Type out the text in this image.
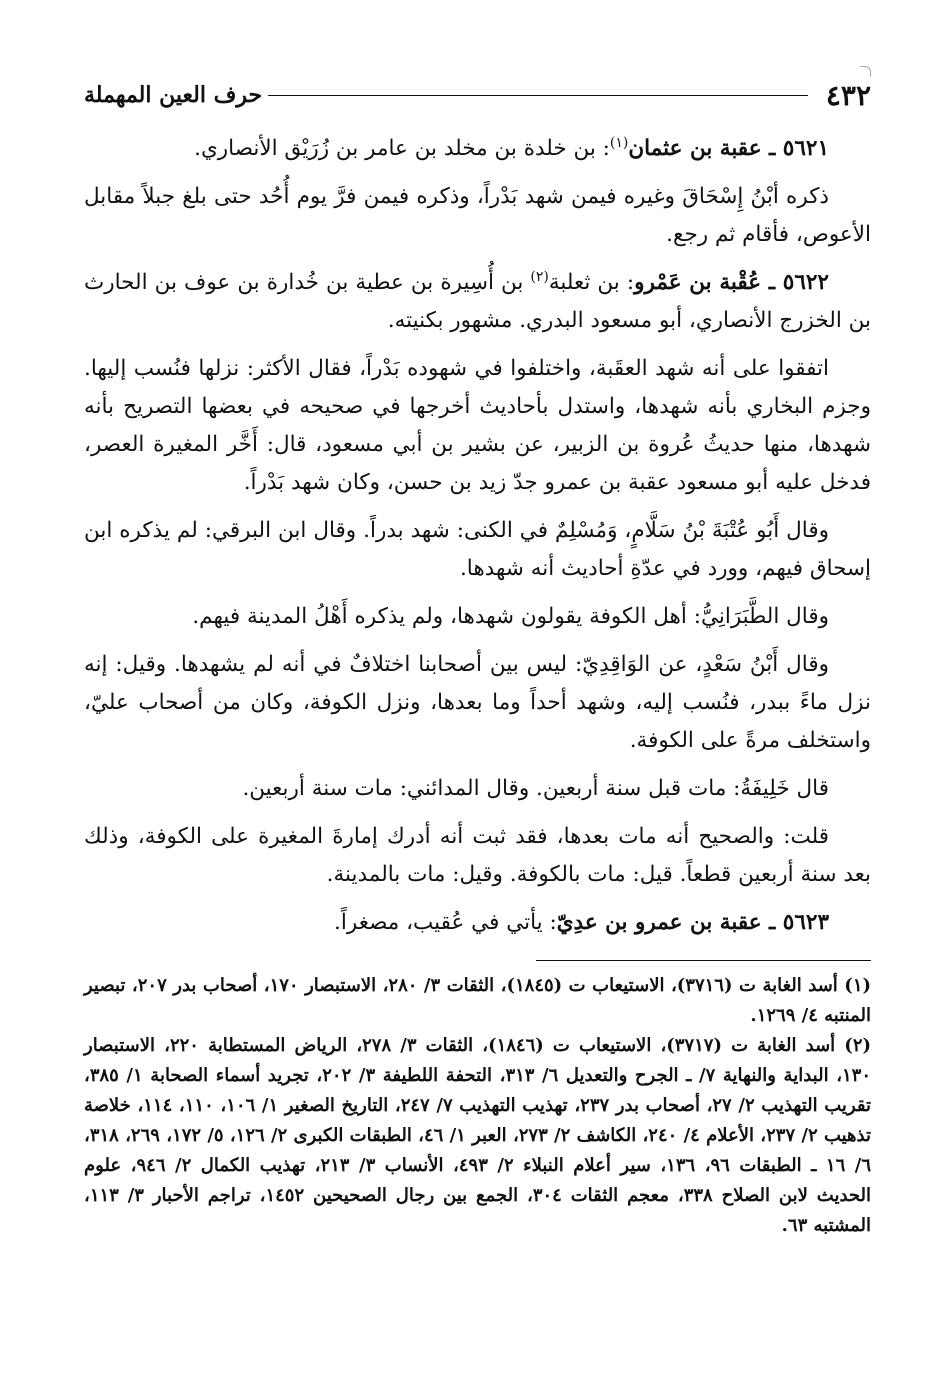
٤٣٢
حرف العين المهملة

٥٦٢١ ـ عقبة بن عثمان$^{(١)}$: بن خلدة بن مخلد بن عامر بن زُرَيْق الأنصاري.

ذكره أبْنُ إِسْحَاقَ وغيره فيمن شهد بَدْراً، وذكره فيمن فرَّ يوم أُحُد حتى بلغ جبلاً مقابل الأعوص، فأقام ثم رجع.

٥٦٢٢ ـ عُقْبة بن عَمْرو: بن ثعلبة$^{(٢)}$ بن أُسِيرة بن عطية بن خُدارة بن عوف بن الحارث بن الخزرج الأنصاري، أبو مسعود البدري. مشهور بكنيته.

اتفقوا على أنه شهد العقَبة، واختلفوا في شهوده بَدْراً، فقال الأكثر: نزلها فنُسب إليها. وجزم البخاري بأنه شهدها، واستدل بأحاديث أخرجها في صحيحه في بعضها التصريح بأنه شهدها، منها حديثُ عُروة بن الزبير، عن بشير بن أبي مسعود، قال: أَخَّر المغيرة العصر، فدخل عليه أبو مسعود عقبة بن عمرو جدّ زيد بن حسن، وكان شهد بَدْراً.

وقال أَبُو عُتْبَةَ بْنُ سَلَّامٍ، وَمُسْلِمٌ في الكنى: شهد بدراً. وقال ابن البرقي: لم يذكره ابن إسحاق فيهم، وورد في عدّةِ أحاديث أنه شهدها.

وقال الطَّبَرَانِيُّ: أهل الكوفة يقولون شهدها، ولم يذكره أَهْلُ المدينة فيهم.

وقال أَبْنُ سَعْدٍ، عن الوَاقِدِيّ: ليس بين أصحابنا اختلافٌ في أنه لم يشهدها. وقيل: إنه نزل ماءً ببدر، فنُسب إليه، وشهد أحداً وما بعدها، ونزل الكوفة، وكان من أصحاب عليّ، واستخلف مرةً على الكوفة.

قال خَلِيفَةُ: مات قبل سنة أربعين. وقال المدائني: مات سنة أربعين.

قلت: والصحيح أنه مات بعدها، فقد ثبت أنه أدرك إمارةَ المغيرة على الكوفة، وذلك بعد سنة أربعين قطعاً. قيل: مات بالكوفة. وقيل: مات بالمدينة.

٥٦٢٣ ـ عقبة بن عمرو بن عدِيّ: يأتي في عُقيب، مصغراً.

(١) أسد الغابة ت (٣٧١٦)، الاستيعاب ت (١٨٤٥)، الثقات ٣/ ٢٨٠، الاستبصار ١٧٠، أصحاب بدر ٢٠٧، تبصير المنتبه ٤/ ١٢٦٩.

(٢) أسد الغابة ت (٣٧١٧)، الاستيعاب ت (١٨٤٦)، الثقات ٣/ ٢٧٨، الرياض المستطابة ٢٢٠، الاستبصار ١٣٠، البداية والنهاية ٧/ ـ الجرح والتعديل ٦/ ٣١٣، التحفة اللطيفة ٣/ ٢٠٢، تجريد أسماء الصحابة ١/ ٣٨٥، تقريب التهذيب ٢/ ٢٧، أصحاب بدر ٢٣٧، تهذيب التهذيب ٧/ ٢٤٧، التاريخ الصغير ١/ ١٠٦، ١١٠، ١١٤، خلاصة تذهيب ٢/ ٢٣٧، الأعلام ٤/ ٢٤٠، الكاشف ٢/ ٢٧٣، العبر ١/ ٤٦، الطبقات الكبرى ٢/ ١٢٦، ٥/ ١٧٢، ٢٦٩، ٣١٨، ٦/ ١٦ ـ الطبقات ٩٦، ١٣٦، سير أعلام النبلاء ٢/ ٤٩٣، الأنساب ٣/ ٢١٣، تهذيب الكمال ٢/ ٩٤٦، علوم الحديث لابن الصلاح ٣٣٨، معجم الثقات ٣٠٤، الجمع بين رجال الصحيحين ١٤٥٢، تراجم الأحبار ٣/ ١١٣، المشتبه ٦٣.
